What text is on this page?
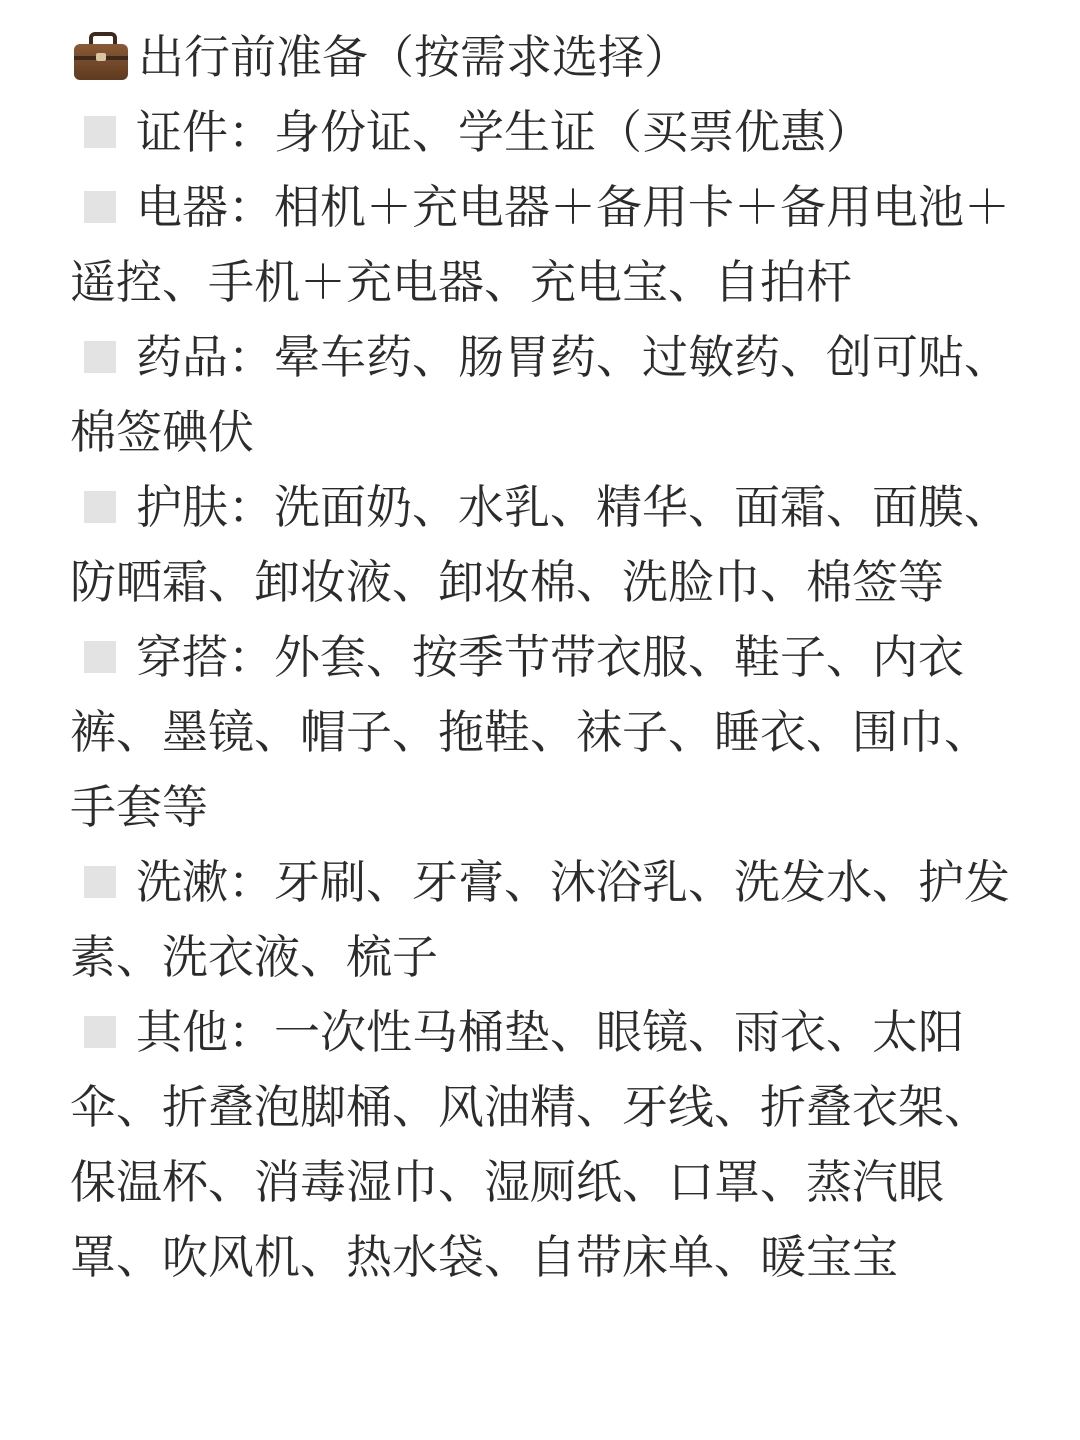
出行前准备（按需求选择）

证件：身份证、学生证（买票优惠）

电器：相机＋充电器＋备用卡＋备用电池＋遥控、手机＋充电器、充电宝、自拍杆

药品：晕车药、肠胃药、过敏药、创可贴、棉签碘伏

护肤：洗面奶、水乳、精华、面霜、面膜、防晒霜、卸妆液、卸妆棉、洗脸巾、棉签等

穿搭：外套、按季节带衣服、鞋子、内衣裤、墨镜、帽子、拖鞋、袜子、睡衣、围巾、手套等

洗漱：牙刷、牙膏、沐浴乳、洗发水、护发素、洗衣液、梳子

其他：一次性马桶垫、眼镜、雨衣、太阳伞、折叠泡脚桶、风油精、牙线、折叠衣架、保温杯、消毒湿巾、湿厕纸、口罩、蒸汽眼罩、吹风机、热水袋、自带床单、暖宝宝
